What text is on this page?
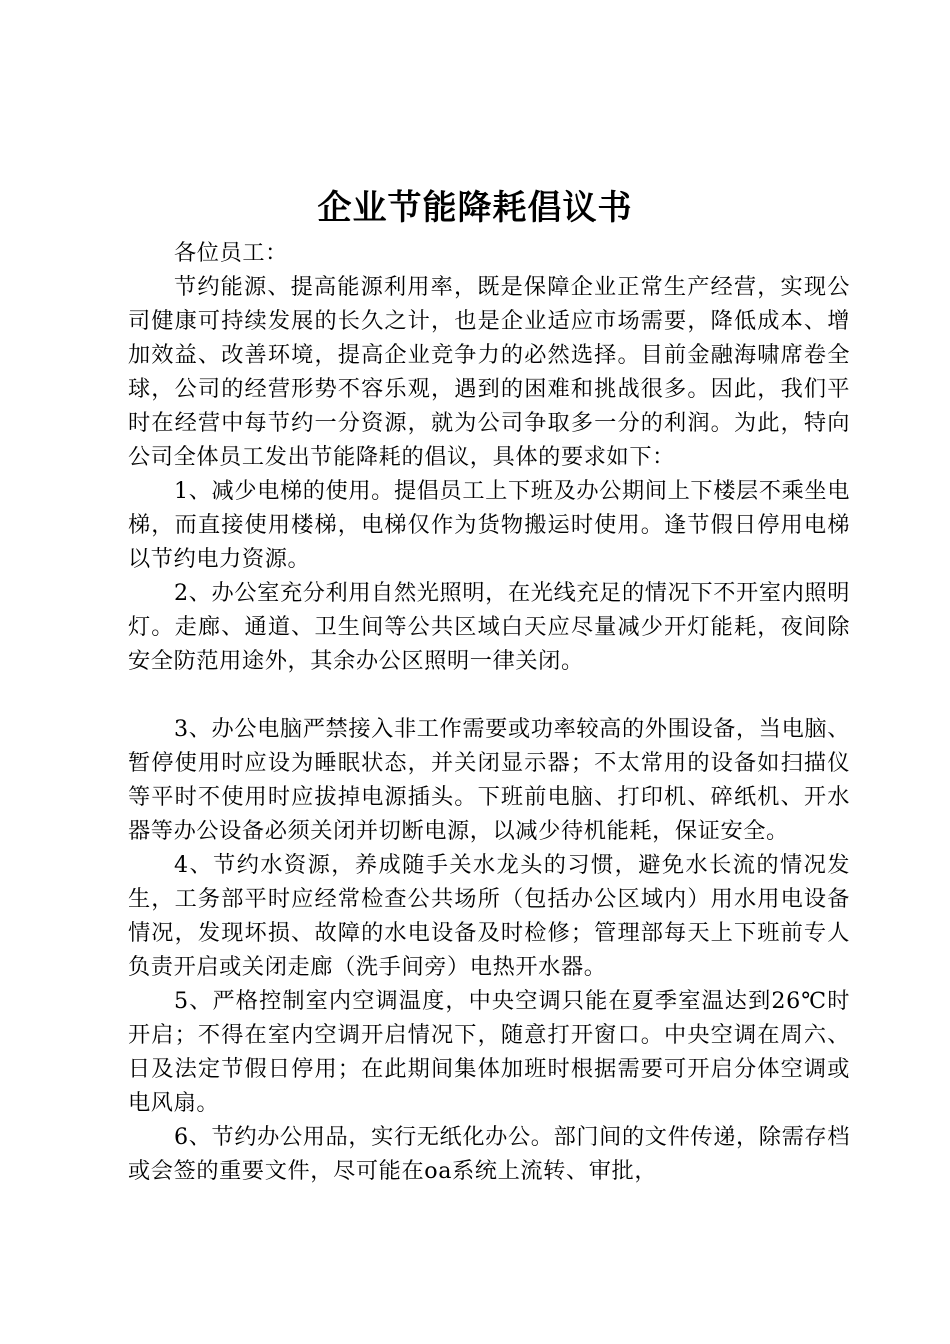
企业节能降耗倡议书

各位员工：

节约能源、提高能源利用率，既是保障企业正常生产经营，实现公司健康可持续发展的长久之计，也是企业适应市场需要，降低成本、增加效益、改善环境，提高企业竞争力的必然选择。目前金融海啸席卷全球，公司的经营形势不容乐观，遇到的困难和挑战很多。因此，我们平时在经营中每节约一分资源，就为公司争取多一分的利润。为此，特向公司全体员工发出节能降耗的倡议，具体的要求如下：

1、减少电梯的使用。提倡员工上下班及办公期间上下楼层不乘坐电梯，而直接使用楼梯，电梯仅作为货物搬运时使用。逢节假日停用电梯以节约电力资源。

2、办公室充分利用自然光照明，在光线充足的情况下不开室内照明灯。走廊、通道、卫生间等公共区域白天应尽量减少开灯能耗，夜间除安全防范用途外，其余办公区照明一律关闭。

3、办公电脑严禁接入非工作需要或功率较高的外围设备，当电脑、暂停使用时应设为睡眠状态，并关闭显示器；不太常用的设备如扫描仪等平时不使用时应拔掉电源插头。下班前电脑、打印机、碎纸机、开水器等办公设备必须关闭并切断电源，以减少待机能耗，保证安全。

4、节约水资源，养成随手关水龙头的习惯，避免水长流的情况发生，工务部平时应经常检查公共场所（包括办公区域内）用水用电设备情况，发现坏损、故障的水电设备及时检修；管理部每天上下班前专人负责开启或关闭走廊（洗手间旁）电热开水器。

5、严格控制室内空调温度，中央空调只能在夏季室温达到26℃时开启；不得在室内空调开启情况下，随意打开窗口。中央空调在周六、日及法定节假日停用；在此期间集体加班时根据需要可开启分体空调或电风扇。

6、节约办公用品，实行无纸化办公。部门间的文件传递，除需存档或会签的重要文件，尽可能在oa系统上流转、审批，
